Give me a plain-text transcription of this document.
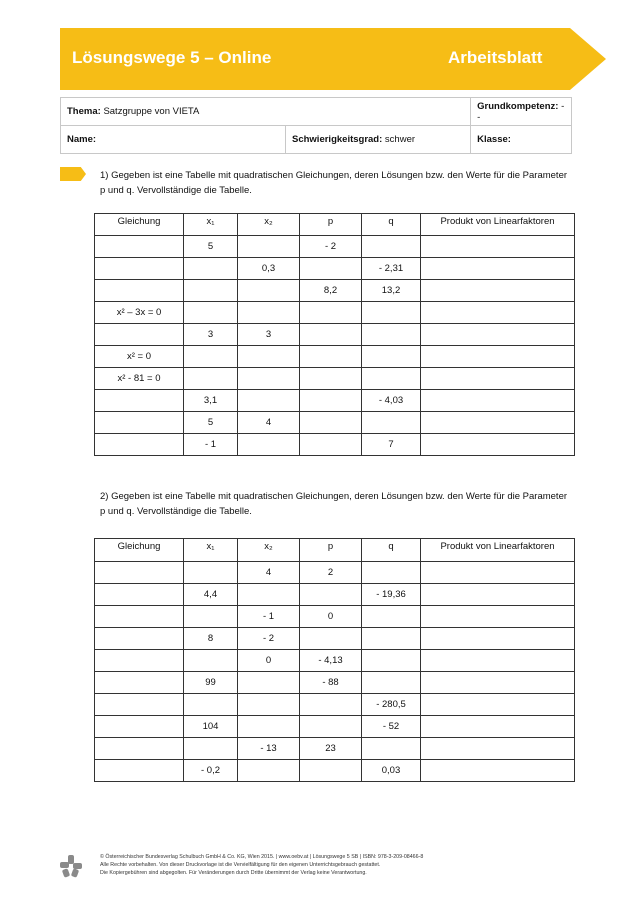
Lösungswege 5 – Online	Arbeitsblatt
Thema: Satzgruppe von VIETA		Grundkompetenz: --
Name:	Schwierigkeitsgrad: schwer	Klasse:
1) Gegeben ist eine Tabelle mit quadratischen Gleichungen, deren Lösungen bzw. den Werte für die Parameter p und q. Vervollständige die Tabelle.
Gleichung	x₁	x₂	p	q	Produkt von Linearfaktoren
	5		- 2		
		0,3		- 2,31	
			8,2	13,2	
x² – 3x = 0					
	3	3			
x² = 0					
x² - 81 = 0					
	3,1			- 4,03	
	5	4			
	- 1			7	
2) Gegeben ist eine Tabelle mit quadratischen Gleichungen, deren Lösungen bzw. den Werte für die Parameter p und q. Vervollständige die Tabelle.
Gleichung	x₁	x₂	p	q	Produkt von Linearfaktoren
		4	2		
	4,4			- 19,36	
		- 1	0		
	8	- 2			
		0	- 4,13		
	99		- 88		
				- 280,5	
	104			- 52	
		- 13	23		
	- 0,2			0,03	
© Österreichischer Bundesverlag Schulbuch GmbH & Co. KG, Wien 2015. | www.oebv.at | Lösungswege 5 SB | ISBN: 978-3-209-08466-8
Alle Rechte vorbehalten. Von dieser Druckvorlage ist die Vervielfältigung für den eigenen Unterrichtsgebrauch gestattet.
Die Kopiergebühren sind abgegolten. Für Veränderungen durch Dritte übernimmt der Verlag keine Verantwortung.
